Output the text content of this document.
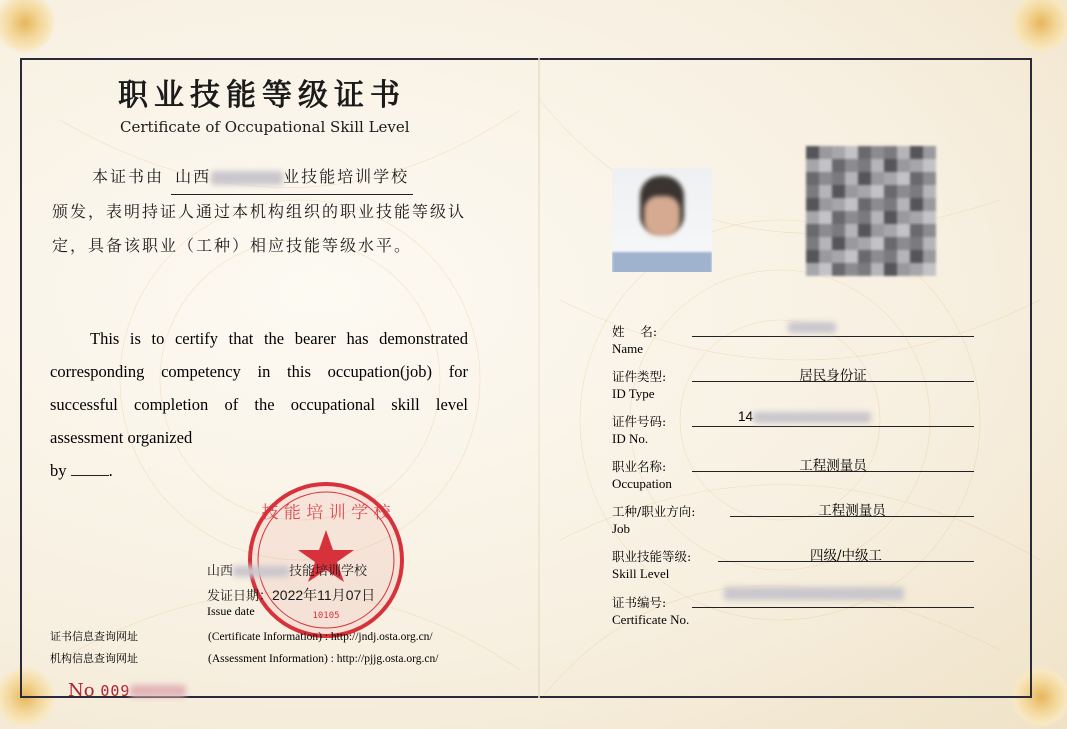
职业技能等级证书
Certificate of Occupational Skill Level
本证书由 山西	业技能培训学校
颁发，表明持证人通过本机构组织的职业技能等级认定，具备该职业（工种）相应技能等级水平。
This is to certify that the bearer has demonstrated corresponding competency in this occupation(job) for successful completion of the occupational skill level assessment organized
by	.
技 能 培 训 学 校
10105
山西	技能培训学校
发证日期：2022年11月07日
Issue date
证书信息查询网址	(Certificate Information) : http://jndj.osta.org.cn/
机构信息查询网址	(Assessment Information) : http://pjjg.osta.org.cn/
No 009
姓    名:
Name
证件类型:
ID Type
居民身份证
证件号码:
ID No.
14
职业名称:
Occupation
工程测量员
工种/职业方向:
Job
工程测量员
职业技能等级:
Skill Level
四级/中级工
证书编号:
Certificate No.
